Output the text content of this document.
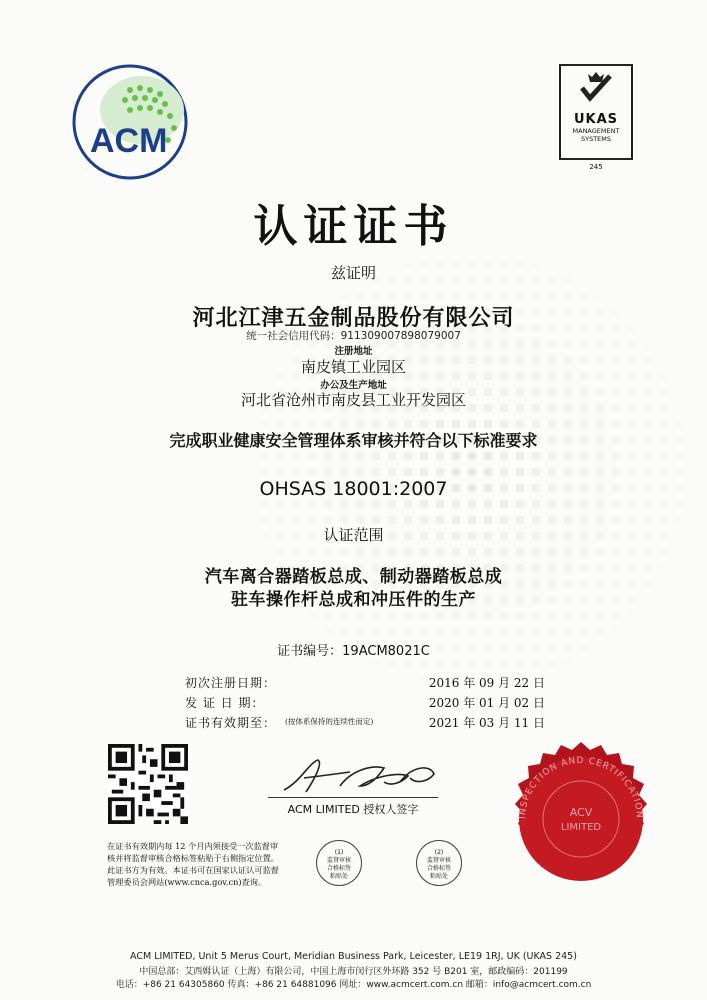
ACM
UKAS
MANAGEMENT
SYSTEMS
245
认证证书
兹证明
河北江津五金制品股份有限公司
统一社会信用代码：911309007898079007
注册地址
南皮镇工业园区
办公及生产地址
河北省沧州市南皮县工业开发园区
完成职业健康安全管理体系审核并符合以下标准要求
OHSAS 18001:2007
认证范围
汽车离合器踏板总成、制动器踏板总成
驻车操作杆总成和冲压件的生产
证书编号：19ACM8021C
初次注册日期：	2016 年 09 月 22 日
发 证 日 期：	2020 年 01 月 02 日
证书有效期至： (按体系保持的连续性而定)	2021 年 03 月 11 日
ACM LIMITED 授权人签字
INSPECTION AND CERTIFICATION
ACV
LIMITED
在证书有效期内每 12 个月内须接受一次监督审核并将监督审核合格标签粘贴于右侧指定位置。此证书方为有效。本证书可在国家认证认可监督管理委员会网站(www.cnca.gov.cn)查询。
(1)
监督审核
合格标签
粘贴处
(2)
监督审核
合格标签
粘贴处
ACM LIMITED, Unit 5 Merus Court, Meridian Business Park, Leicester, LE19 1RJ, UK (UKAS 245)
中国总部：艾西姆认证（上海）有限公司，中国上海市闵行区外环路 352 号 B201 室，邮政编码：201199
电话：+86 21 64305860 传真：+86 21 64881096 网址：www.acmcert.com.cn 邮箱：info@acmcert.com.cn
